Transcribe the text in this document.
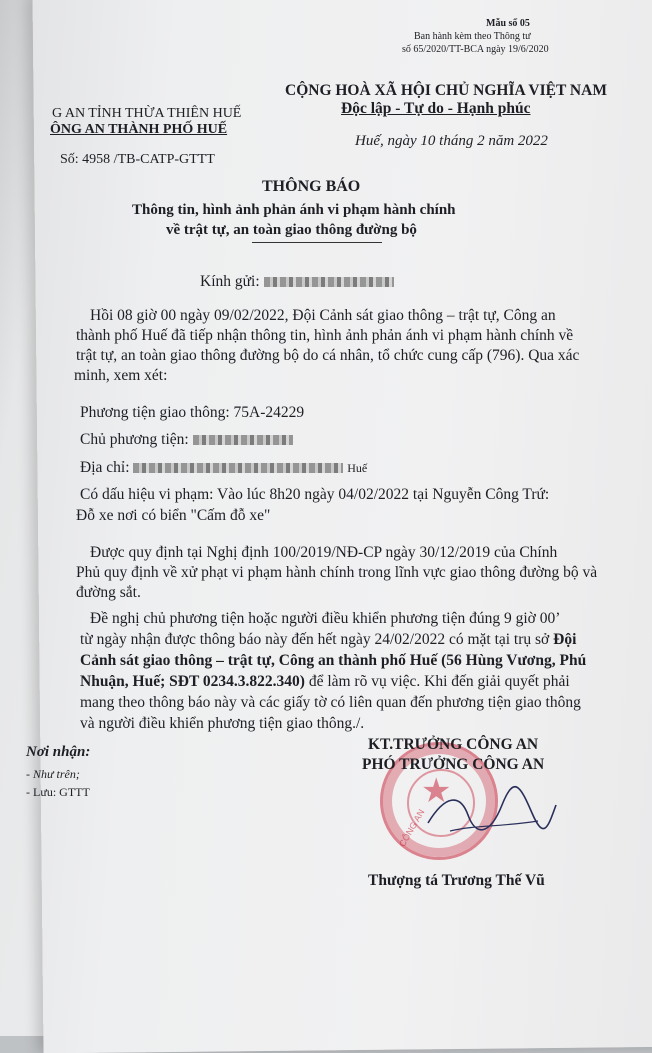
Mẫu số 05
Ban hành kèm theo Thông tư
số 65/2020/TT-BCA ngày 19/6/2020
G AN TỈNH THỪA THIÊN HUẾ
ÔNG AN THÀNH PHỐ HUẾ
Số: 4958 /TB-CATP-GTTT
CỘNG HOÀ XÃ HỘI CHỦ NGHĨA VIỆT NAM
Độc lập - Tự do - Hạnh phúc
Huế, ngày 10 tháng 2 năm 2022
THÔNG BÁO
Thông tin, hình ảnh phản ánh vi phạm hành chính
về trật tự, an toàn giao thông đường bộ
Kính gửi:
Hồi 08 giờ 00 ngày 09/02/2022, Đội Cảnh sát giao thông – trật tự, Công an
thành phố Huế đã tiếp nhận thông tin, hình ảnh phản ánh vi phạm hành chính về
trật tự, an toàn giao thông đường bộ do cá nhân, tổ chức cung cấp (796). Qua xác
minh, xem xét:
Phương tiện giao thông: 75A-24229
Chủ phương tiện:
Địa chỉ:	Huế
Có dấu hiệu vi phạm: Vào lúc 8h20 ngày 04/02/2022 tại Nguyễn Công Trứ:
Đỗ xe nơi có biển "Cấm đỗ xe"
Được quy định tại Nghị định 100/2019/NĐ-CP ngày 30/12/2019 của Chính
Phủ quy định về xử phạt vi phạm hành chính trong lĩnh vực giao thông đường bộ và
đường sắt.
Đề nghị chủ phương tiện hoặc người điều khiển phương tiện đúng 9 giờ 00’
từ ngày nhận được thông báo này đến hết ngày 24/02/2022 có mặt tại trụ sở Đội
Cảnh sát giao thông – trật tự, Công an thành phố Huế (56 Hùng Vương, Phú
Nhuận, Huế; SĐT 0234.3.822.340) để làm rõ vụ việc. Khi đến giải quyết phải
mang theo thông báo này và các giấy tờ có liên quan đến phương tiện giao thông
và người điều khiển phương tiện giao thông./.
Nơi nhận:
- Như trên;
- Lưu: GTTT	★
CÔNG AN
KT.TRƯỞNG CÔNG AN
PHÓ TRƯỞNG CÔNG AN
Thượng tá Trương Thế Vũ
